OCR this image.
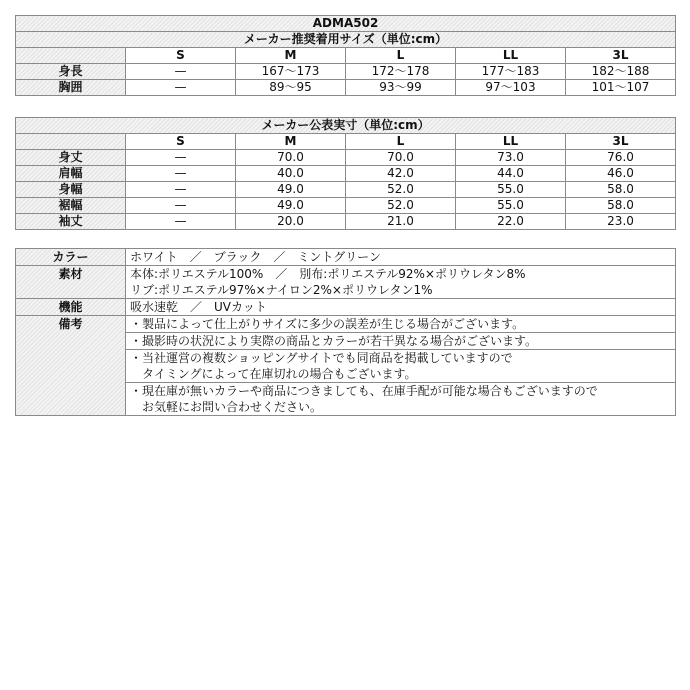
ADMA502					
メーカー推奨着用サイズ（単位:cm）					
	S	M	L	LL	3L
身長	—	167〜173	172〜178	177〜183	182〜188
胸囲	—	89〜95	93〜99	97〜103	101〜107
メーカー公表実寸（単位:cm）					
	S	M	L	LL	3L
身丈	—	70.0	70.0	73.0	76.0
肩幅	—	40.0	42.0	44.0	46.0
身幅	—	49.0	52.0	55.0	58.0
裾幅	—	49.0	52.0	55.0	58.0
袖丈	—	20.0	21.0	22.0	23.0
カラー	ホワイト　／　ブラック　／　ミントグリーン
素材	本体:ポリエステル100%　／　別布:ポリエステル92%×ポリウレタン8%
リブ:ポリエステル97%×ナイロン2%×ポリウレタン1%

機能	吸水速乾　／　UVカット
備考	・製品によって仕上がりサイズに多少の誤差が生じる場合がございます。
	・撮影時の状況により実際の商品とカラーが若干異なる場合がございます。

	・当社運営の複数ショッピングサイトでも同商品を掲載していますので
　タイミングによって在庫切れの場合もございます。

	・現在庫が無いカラーや商品につきましても、在庫手配が可能な場合もございますので
　お気軽にお問い合わせください。
